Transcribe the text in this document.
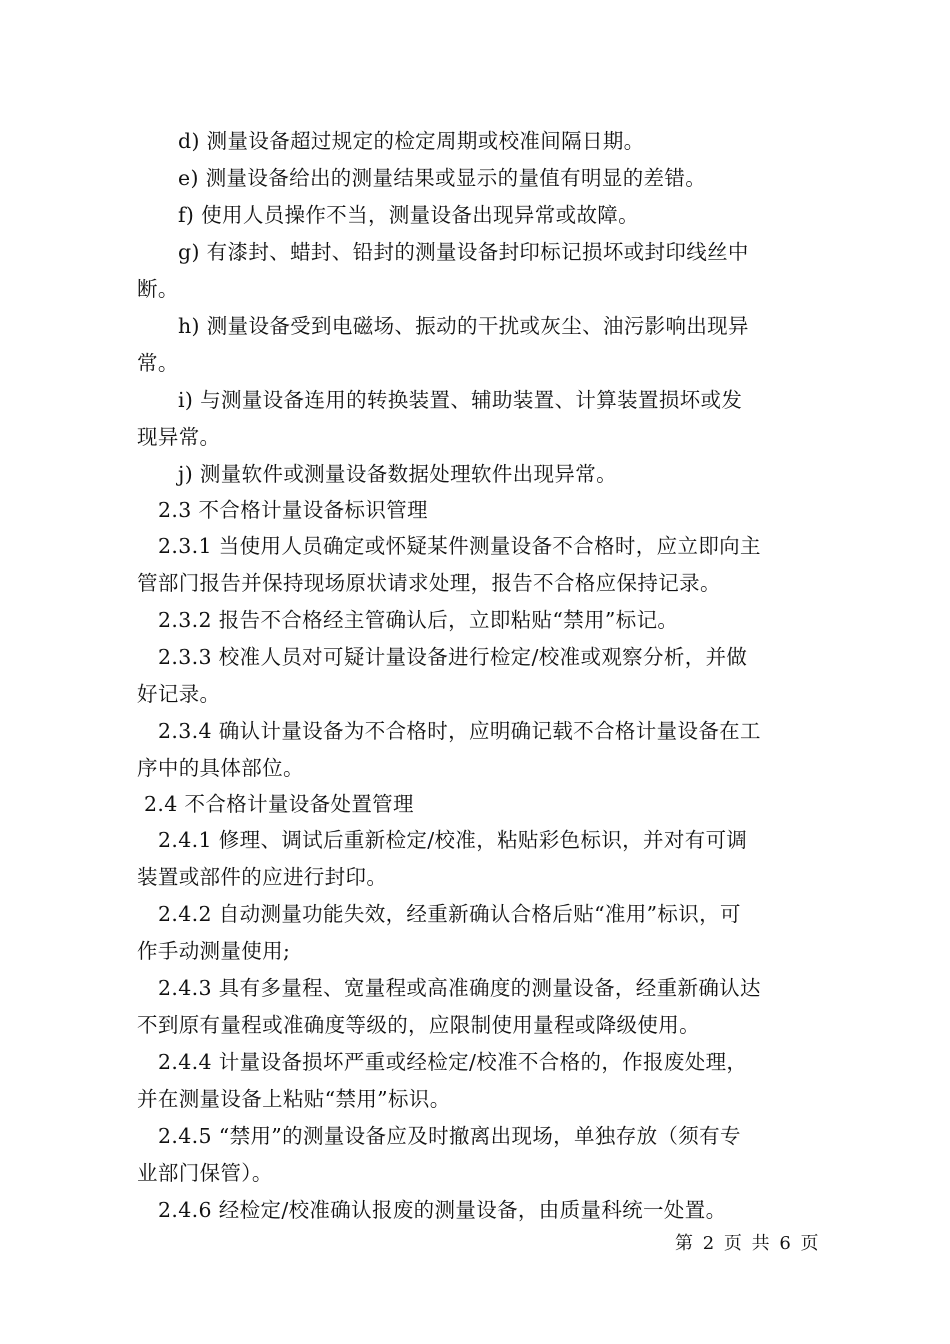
d) 测量设备超过规定的检定周期或校准间隔日期。
e) 测量设备给出的测量结果或显示的量值有明显的差错。
f) 使用人员操作不当，测量设备出现异常或故障。
g) 有漆封、蜡封、铅封的测量设备封印标记损坏或封印线丝中
断。
h) 测量设备受到电磁场、振动的干扰或灰尘、油污影响出现异
常。
i) 与测量设备连用的转换装置、辅助装置、计算装置损坏或发
现异常。
j) 测量软件或测量设备数据处理软件出现异常。
2.3 不合格计量设备标识管理
2.3.1 当使用人员确定或怀疑某件测量设备不合格时，应立即向主
管部门报告并保持现场原状请求处理，报告不合格应保持记录。
2.3.2 报告不合格经主管确认后，立即粘贴“禁用”标记。
2.3.3 校准人员对可疑计量设备进行检定/校准或观察分析，并做
好记录。
2.3.4 确认计量设备为不合格时，应明确记载不合格计量设备在工
序中的具体部位。
2.4 不合格计量设备处置管理
2.4.1 修理、调试后重新检定/校准，粘贴彩色标识，并对有可调
装置或部件的应进行封印。
2.4.2 自动测量功能失效，经重新确认合格后贴“准用”标识，可
作手动测量使用;
2.4.3 具有多量程、宽量程或高准确度的测量设备，经重新确认达
不到原有量程或准确度等级的，应限制使用量程或降级使用。
2.4.4 计量设备损坏严重或经检定/校准不合格的，作报废处理，
并在测量设备上粘贴“禁用”标识。
2.4.5 “禁用”的测量设备应及时撤离出现场，单独存放（须有专
业部门保管）。
2.4.6 经检定/校准确认报废的测量设备，由质量科统一处置。
第 2 页 共 6 页
